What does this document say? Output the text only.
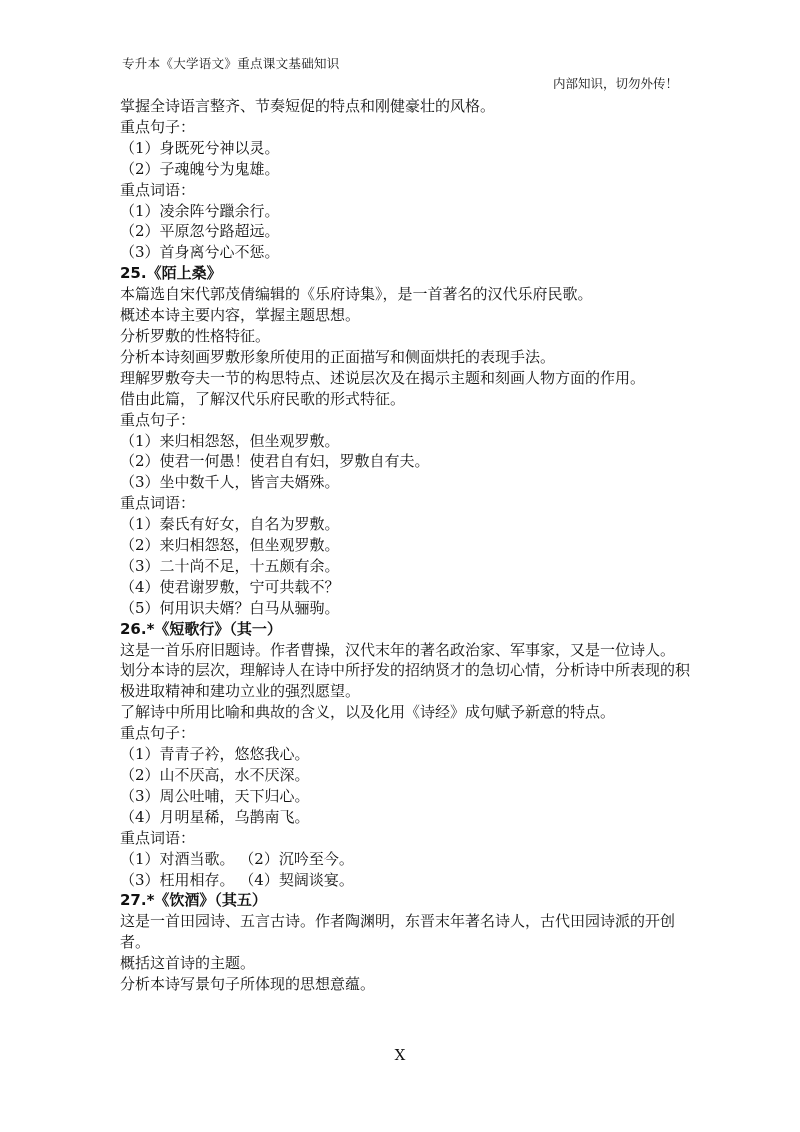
专升本《大学语文》重点课文基础知识
内部知识，切勿外传！
掌握全诗语言整齐、节奏短促的特点和刚健豪壮的风格。
重点句子：
（1）身既死兮神以灵。
（2）子魂魄兮为鬼雄。
重点词语：
（1）凌余阵兮躐余行。
（2）平原忽兮路超远。
（3）首身离兮心不惩。
25.《陌上桑》
本篇选自宋代郭茂倩编辑的《乐府诗集》，是一首著名的汉代乐府民歌。
概述本诗主要内容，掌握主题思想。
分析罗敷的性格特征。
分析本诗刻画罗敷形象所使用的正面描写和侧面烘托的表现手法。
理解罗敷夸夫一节的构思特点、述说层次及在揭示主题和刻画人物方面的作用。
借由此篇，了解汉代乐府民歌的形式特征。
重点句子：
（1）来归相怨怒，但坐观罗敷。
（2）使君一何愚！使君自有妇，罗敷自有夫。
（3）坐中数千人，皆言夫婿殊。
重点词语：
（1）秦氏有好女，自名为罗敷。
（2）来归相怨怒，但坐观罗敷。
（3）二十尚不足，十五颇有余。
（4）使君谢罗敷，宁可共载不？
（5）何用识夫婿？白马从骊驹。
26.*《短歌行》（其一）
这是一首乐府旧题诗。作者曹操，汉代末年的著名政治家、军事家，又是一位诗人。
划分本诗的层次，理解诗人在诗中所抒发的招纳贤才的急切心情，分析诗中所表现的积极进取精神和建功立业的强烈愿望。
了解诗中所用比喻和典故的含义，以及化用《诗经》成句赋予新意的特点。
重点句子：
（1）青青子衿，悠悠我心。
（2）山不厌高，水不厌深。
（3）周公吐哺，天下归心。
（4）月明星稀，乌鹊南飞。
重点词语：
（1）对酒当歌。 （2）沉吟至今。
（3）枉用相存。 （4）契阔谈宴。
27.*《饮酒》（其五）
这是一首田园诗、五言古诗。作者陶渊明，东晋末年著名诗人，古代田园诗派的开创者。
概括这首诗的主题。
分析本诗写景句子所体现的思想意蕴。
X
